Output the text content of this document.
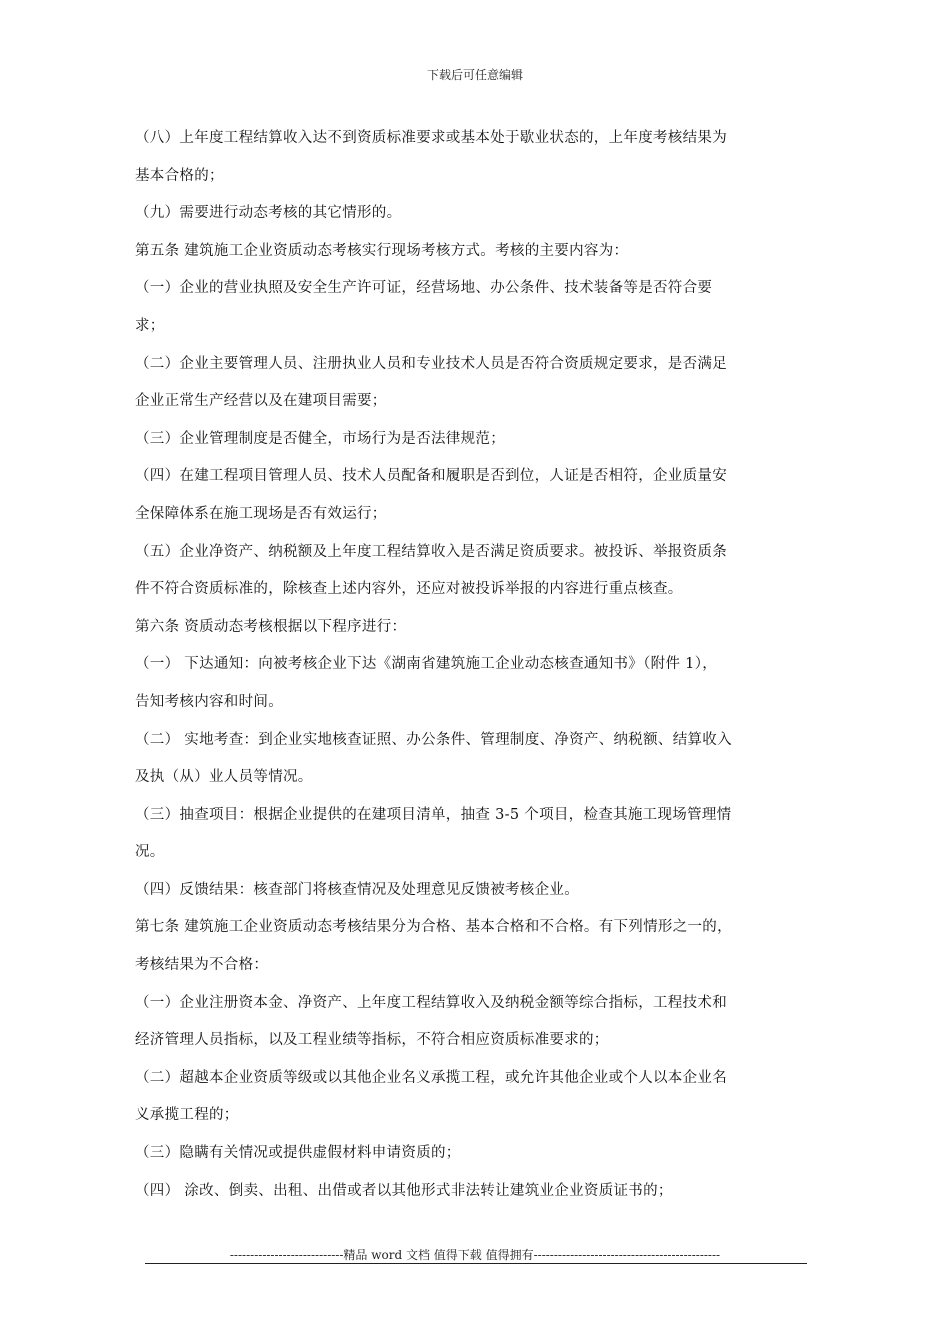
下载后可任意编辑
（八）上年度工程结算收入达不到资质标准要求或基本处于歇业状态的，上年度考核结果为
基本合格的；
（九）需要进行动态考核的其它情形的。
第五条 建筑施工企业资质动态考核实行现场考核方式。考核的主要内容为：
（一）企业的营业执照及安全生产许可证，经营场地、办公条件、技术装备等是否符合要
求；
（二）企业主要管理人员、注册执业人员和专业技术人员是否符合资质规定要求，是否满足
企业正常生产经营以及在建项目需要；
（三）企业管理制度是否健全，市场行为是否法律规范；
（四）在建工程项目管理人员、技术人员配备和履职是否到位，人证是否相符，企业质量安
全保障体系在施工现场是否有效运行；
（五）企业净资产、纳税额及上年度工程结算收入是否满足资质要求。被投诉、举报资质条
件不符合资质标准的，除核查上述内容外，还应对被投诉举报的内容进行重点核查。
第六条 资质动态考核根据以下程序进行：
（一） 下达通知：向被考核企业下达《湖南省建筑施工企业动态核查通知书》（附件 1），
告知考核内容和时间。
（二） 实地考查：到企业实地核查证照、办公条件、管理制度、净资产、纳税额、结算收入
及执（从）业人员等情况。
（三）抽查项目：根据企业提供的在建项目清单，抽查 3-5 个项目，检查其施工现场管理情
况。
（四）反馈结果：核查部门将核查情况及处理意见反馈被考核企业。
第七条 建筑施工企业资质动态考核结果分为合格、基本合格和不合格。有下列情形之一的，
考核结果为不合格：
（一）企业注册资本金、净资产、上年度工程结算收入及纳税金额等综合指标，工程技术和
经济管理人员指标，以及工程业绩等指标，不符合相应资质标准要求的；
（二）超越本企业资质等级或以其他企业名义承揽工程，或允许其他企业或个人以本企业名
义承揽工程的；
（三）隐瞒有关情况或提供虚假材料申请资质的；
（四） 涂改、倒卖、出租、出借或者以其他形式非法转让建筑业企业资质证书的；
----------------------------精品 word 文档 值得下载 值得拥有----------------------------------------------
